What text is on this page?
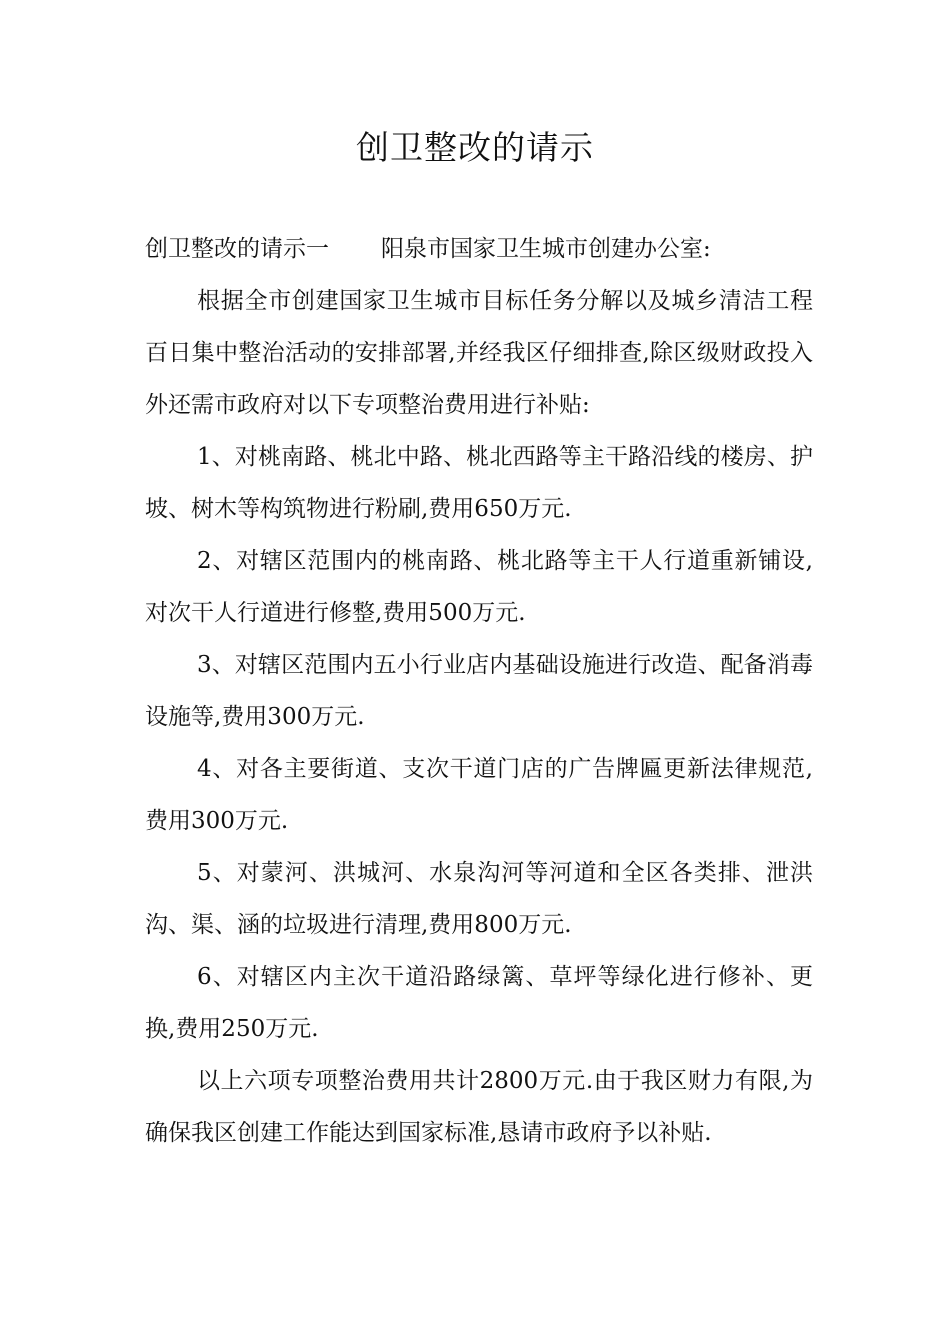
创卫整改的请示

创卫整改的请示一 阳泉市国家卫生城市创建办公室:

根据全市创建国家卫生城市目标任务分解以及城乡清洁工程百日集中整治活动的安排部署,并经我区仔细排查,除区级财政投入外还需市政府对以下专项整治费用进行补贴:

1、对桃南路、桃北中路、桃北西路等主干路沿线的楼房、护坡、树木等构筑物进行粉刷,费用650万元.

2、对辖区范围内的桃南路、桃北路等主干人行道重新铺设,对次干人行道进行修整,费用500万元.

3、对辖区范围内五小行业店内基础设施进行改造、配备消毒设施等,费用300万元.

4、对各主要街道、支次干道门店的广告牌匾更新法律规范,费用300万元.

5、对蒙河、洪城河、水泉沟河等河道和全区各类排、泄洪沟、渠、涵的垃圾进行清理,费用800万元.

6、对辖区内主次干道沿路绿篱、草坪等绿化进行修补、更换,费用250万元.

以上六项专项整治费用共计2800万元.由于我区财力有限,为确保我区创建工作能达到国家标准,恳请市政府予以补贴.
